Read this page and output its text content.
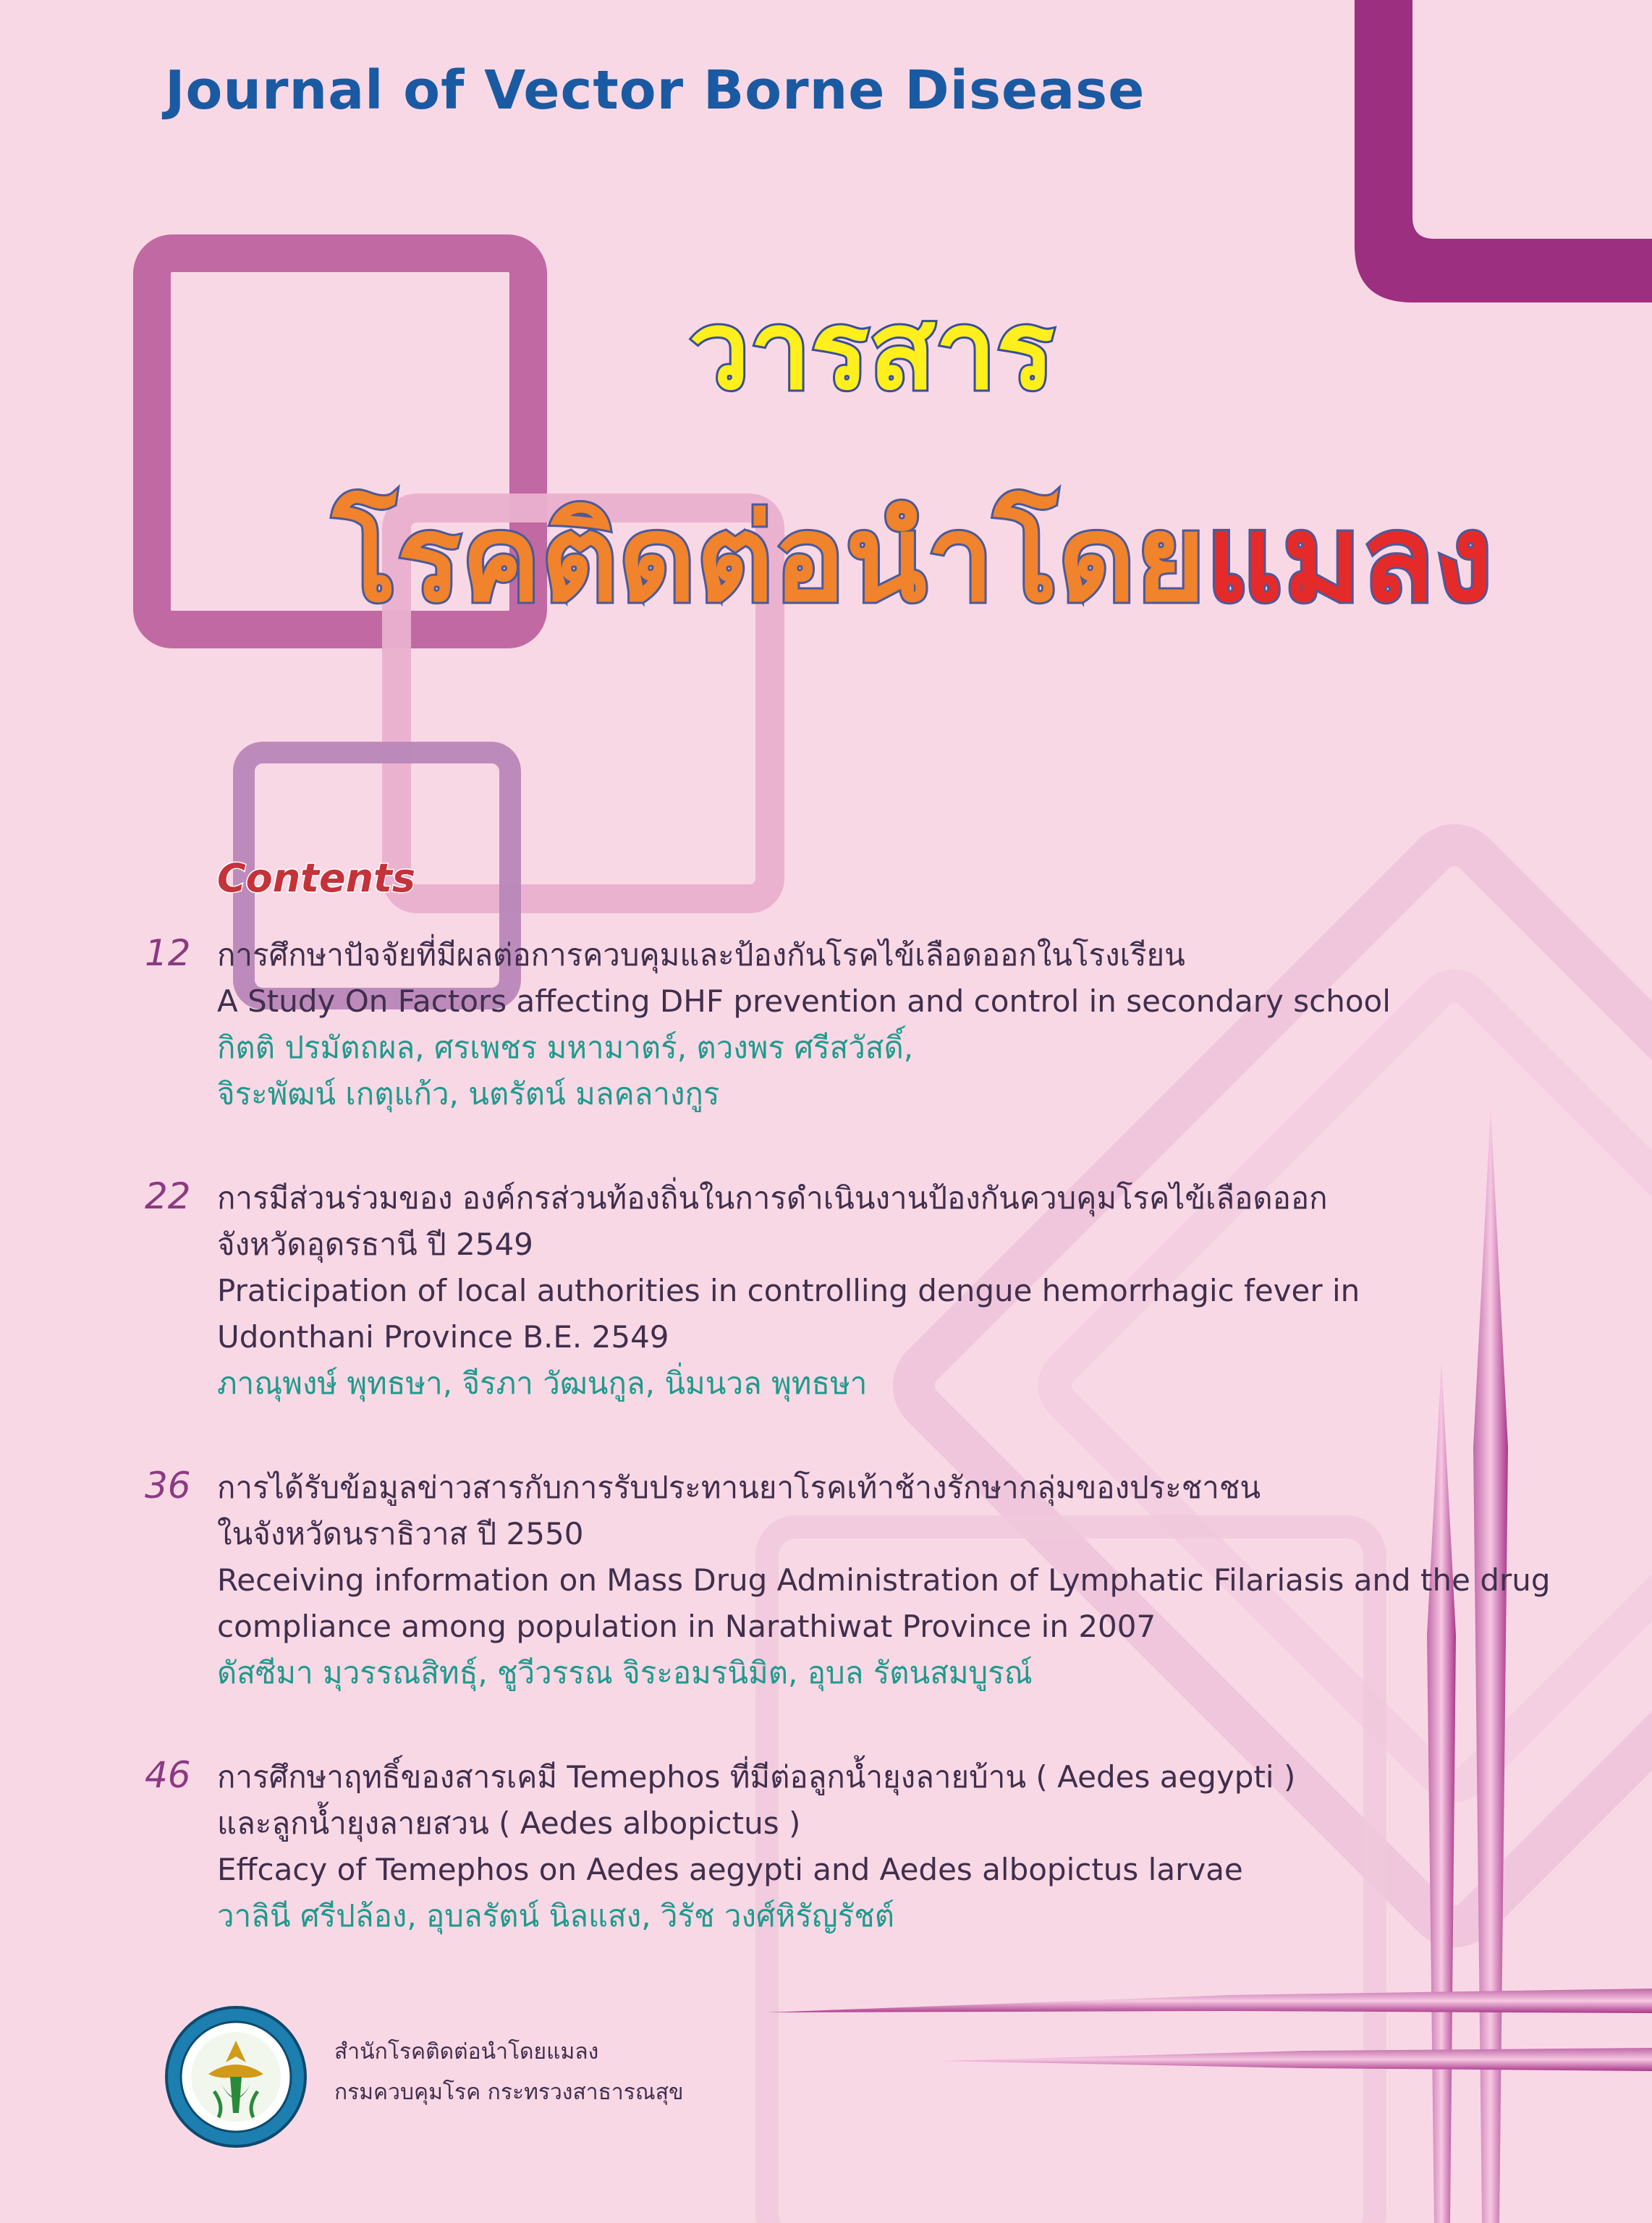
Journal of Vector Borne Disease
วารสาร
โรคติดต่อนำโดยแมลง
Contents
12 การศึกษาปัจจัยที่มีผลต่อการควบคุมและป้องกันโรคไข้เลือดออกในโรงเรียน
A Study On Factors affecting DHF prevention and control in secondary school
กิตติ ปรมัตถผล, ศรเพชร มหามาตร์, ตวงพร ศรีสวัสดิ์,
จิระพัฒน์ เกตุแก้ว, นตรัตน์ มลคลางกูร
22 การมีส่วนร่วมของ องค์กรส่วนท้องถิ่นในการดำเนินงานป้องกันควบคุมโรคไข้เลือดออก
จังหวัดอุดรธานี ปี 2549
Praticipation of local authorities in controlling dengue hemorrhagic fever in
Udonthani Province B.E. 2549
ภาณุพงษ์ พุทธษา, จีรภา วัฒนกูล, นิ่มนวล พุทธษา
36 การได้รับข้อมูลข่าวสารกับการรับประทานยาโรคเท้าช้างรักษากลุ่มของประชาชน
ในจังหวัดนราธิวาส ปี 2550
Receiving information on Mass Drug Administration of Lymphatic Filariasis and the drug
compliance among population in Narathiwat Province in 2007
ดัสซีมา มุวรรณสิทธุ์, ชูวีวรรณ จิระอมรนิมิต, อุบล รัตนสมบูรณ์
46 การศึกษาฤทธิ์ของสารเคมี Temephos ที่มีต่อลูกน้ำยุงลายบ้าน ( Aedes aegypti )
และลูกน้ำยุงลายสวน ( Aedes albopictus )
Effcacy of Temephos on Aedes aegypti and Aedes albopictus larvae
วาลินี ศรีปล้อง, อุบลรัตน์ นิลแสง, วิรัช วงศ์หิรัญรัชต์
สำนักโรคติดต่อนำโดยแมลง
กรมควบคุมโรค กระทรวงสาธารณสุข
